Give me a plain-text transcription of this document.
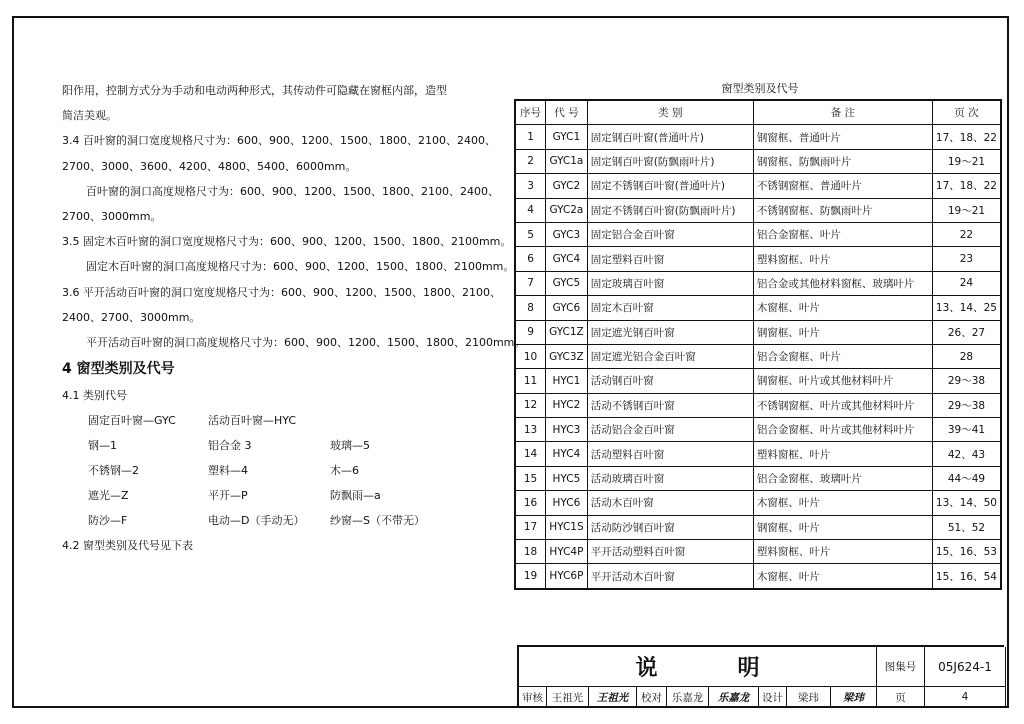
阳作用，控制方式分为手动和电动两种形式，其传动件可隐藏在窗框内部，造型
简洁美观。
3.4 百叶窗的洞口宽度规格尺寸为：600、900、1200、1500、1800、2100、2400、
2700、3000、3600、4200、4800、5400、6000mm。
百叶窗的洞口高度规格尺寸为：600、900、1200、1500、1800、2100、2400、
2700、3000mm。
3.5 固定木百叶窗的洞口宽度规格尺寸为：600、900、1200、1500、1800、2100mm。
固定木百叶窗的洞口高度规格尺寸为：600、900、1200、1500、1800、2100mm。
3.6 平开活动百叶窗的洞口宽度规格尺寸为：600、900、1200、1500、1800、2100、
2400、2700、3000mm。
平开活动百叶窗的洞口高度规格尺寸为：600、900、1200、1500、1800、2100mm。
4 窗型类别及代号
4.1 类别代号
固定百叶窗—GYC	活动百叶窗—HYC
钢—1	铝合金 3	玻璃—5
不锈钢—2	塑料—4	木—6
遮光—Z	平开—P	防飘雨—a
防沙—F	电动—D（手动无） 纱窗—S（不带无）
4.2 窗型类别及代号见下表
窗型类别及代号
序号	代 号	类 别	备 注	页 次
1	GYC1	固定钢百叶窗(普通叶片)	钢窗框、普通叶片	17、18、22
2	GYC1a	固定钢百叶窗(防飘雨叶片)	钢窗框、防飘雨叶片	19～21
3	GYC2	固定不锈钢百叶窗(普通叶片)	不锈钢窗框、普通叶片	17、18、22
4	GYC2a	固定不锈钢百叶窗(防飘雨叶片)	不锈钢窗框、防飘雨叶片	19～21
5	GYC3	固定铝合金百叶窗	铝合金窗框、叶片	22
6	GYC4	固定塑料百叶窗	塑料窗框、叶片	23
7	GYC5	固定玻璃百叶窗	铝合金或其他材料窗框、玻璃叶片	24
8	GYC6	固定木百叶窗	木窗框、叶片	13、14、25
9	GYC1Z	固定遮光钢百叶窗	钢窗框、叶片	26、27
10	GYC3Z	固定遮光铝合金百叶窗	铝合金窗框、叶片	28
11	HYC1	活动钢百叶窗	钢窗框、叶片或其他材料叶片	29～38
12	HYC2	活动不锈钢百叶窗	不锈钢窗框、叶片或其他材料叶片	29～38
13	HYC3	活动铝合金百叶窗	铝合金窗框、叶片或其他材料叶片	39～41
14	HYC4	活动塑料百叶窗	塑料窗框、叶片	42、43
15	HYC5	活动玻璃百叶窗	铝合金窗框、玻璃叶片	44～49
16	HYC6	活动木百叶窗	木窗框、叶片	13、14、50
17	HYC1S	活动防沙钢百叶窗	钢窗框、叶片	51、52
18	HYC4P	平开活动塑料百叶窗	塑料窗框、叶片	15、16、53
19	HYC6P	平开活动木百叶窗	木窗框、叶片	15、16、54
说明	图集号	05J624-1
审核 王祖光	王祖光	校对 乐嘉龙	乐嘉龙	设计	梁玮	梁玮	页	4
